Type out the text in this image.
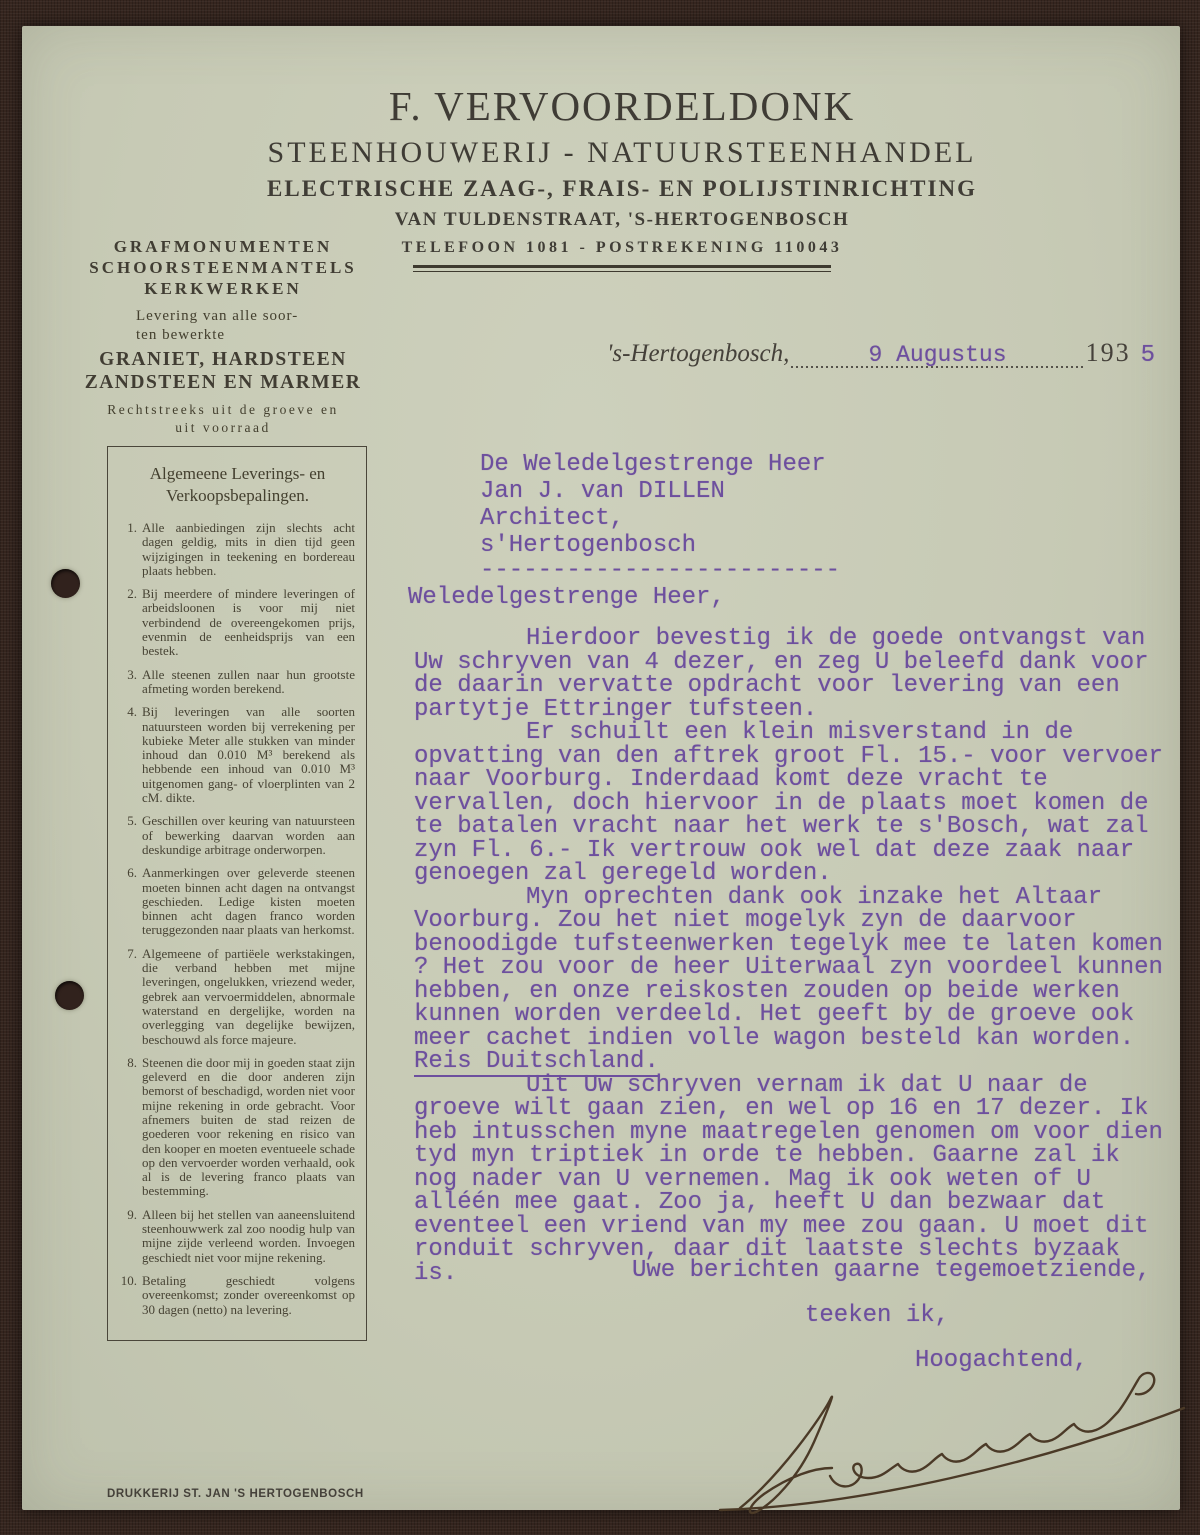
F. VERVOORDELDONK
STEENHOUWERIJ - NATUURSTEENHANDEL
ELECTRISCHE ZAAG-, FRAIS- EN POLIJSTINRICHTING
VAN TULDENSTRAAT, 'S-HERTOGENBOSCH
TELEFOON 1081 - POSTREKENING 110043
GRAFMONUMENTEN
SCHOORSTEENMANTELS
KERKWERKEN
Levering van alle soor-
ten bewerkte
GRANIET, HARDSTEEN
ZANDSTEEN EN MARMER
Rechtstreeks uit de groeve en
uit voorraad
Algemeene Leverings- en
Verkoopsbepalingen.
1. Alle aanbiedingen zijn slechts acht dagen geldig, mits in dien tijd geen wijzigingen in teekening en bordereau plaats hebben.
2. Bij meerdere of mindere leveringen of arbeidsloonen is voor mij niet verbindend de overeengekomen prijs, evenmin de eenheidsprijs van een bestek.
3. Alle steenen zullen naar hun grootste afmeting worden berekend.
4. Bij leveringen van alle soorten natuursteen worden bij verrekening per kubieke Meter alle stukken van minder inhoud dan 0.010 M³ berekend als hebbende een inhoud van 0.010 M³ uitgenomen gang- of vloerplinten van 2 cM. dikte.
5. Geschillen over keuring van natuursteen of bewerking daarvan worden aan deskundige arbitrage onderworpen.
6. Aanmerkingen over geleverde steenen moeten binnen acht dagen na ontvangst geschieden. Ledige kisten moeten binnen acht dagen franco worden teruggezonden naar plaats van herkomst.
7. Algemeene of partiëele werkstakingen, die verband hebben met mijne leveringen, ongelukken, vriezend weder, gebrek aan vervoermiddelen, abnormale waterstand en dergelijke, worden na overlegging van degelijke bewijzen, beschouwd als force majeure.
8. Steenen die door mij in goeden staat zijn geleverd en die door anderen zijn bemorst of beschadigd, worden niet voor mijne rekening in orde gebracht. Voor afnemers buiten de stad reizen de goederen voor rekening en risico van den kooper en moeten eventueele schade op den vervoerder worden verhaald, ook al is de levering franco plaats van bestemming.
9. Alleen bij het stellen van aaneensluitend steenhouwwerk zal zoo noodig hulp van mijne zijde verleend worden. Invoegen geschiedt niet voor mijne rekening.
10. Betaling geschiedt volgens overeenkomst; zonder overeenkomst op 30 dagen (netto) na levering.
DRUKKERIJ ST. JAN 'S HERTOGENBOSCH
's-Hertogenbosch,	9 Augustus	193 5
De Weledelgestrenge Heer
Jan J. van DILLEN
Architect,
s'Hertogenbosch
-------------------------
Weledelgestrenge Heer,

Hierdoor bevestig ik de goede ontvangst van Uw schryven van 4 dezer, en zeg U beleefd dank voor de daarin vervatte opdracht voor levering van een partytje Ettringer tufsteen.

Er schuilt een klein misverstand in de opvatting van den aftrek groot Fl. 15.- voor vervoer naar Voorburg. Inderdaad komt deze vracht te vervallen, doch hiervoor in de plaats moet komen de te batalen vracht naar het werk te s'Bosch, wat zal zyn Fl. 6.- Ik vertrouw ook wel dat deze zaak naar genoegen zal geregeld worden.

Myn oprechten dank ook inzake het Altaar Voorburg. Zou het niet mogelyk zyn de daarvoor benoodigde tufsteenwerken tegelyk mee te laten komen ? Het zou voor de heer Uiterwaal zyn voordeel kunnen hebben, en onze reiskosten zouden op beide werken kunnen worden verdeeld. Het geeft by de groeve ook meer cachet indien volle wagon besteld kan worden.

Reis Duitschland.

Uit Uw schryven vernam ik dat U naar de groeve wilt gaan zien, en wel op 16 en 17 dezer. Ik heb intusschen myne maatregelen genomen om voor dien tyd myn triptiek in orde te hebben. Gaarne zal ik nog nader van U vernemen. Mag ik ook weten of U alléén mee gaat. Zoo ja, heeft U dan bezwaar dat eventeel een vriend van my mee zou gaan. U moet dit ronduit schryven, daar dit laatste slechts byzaak is.	Uwe berichten gaarne tegemoetziende,
teeken ik,
Hoogachtend,
